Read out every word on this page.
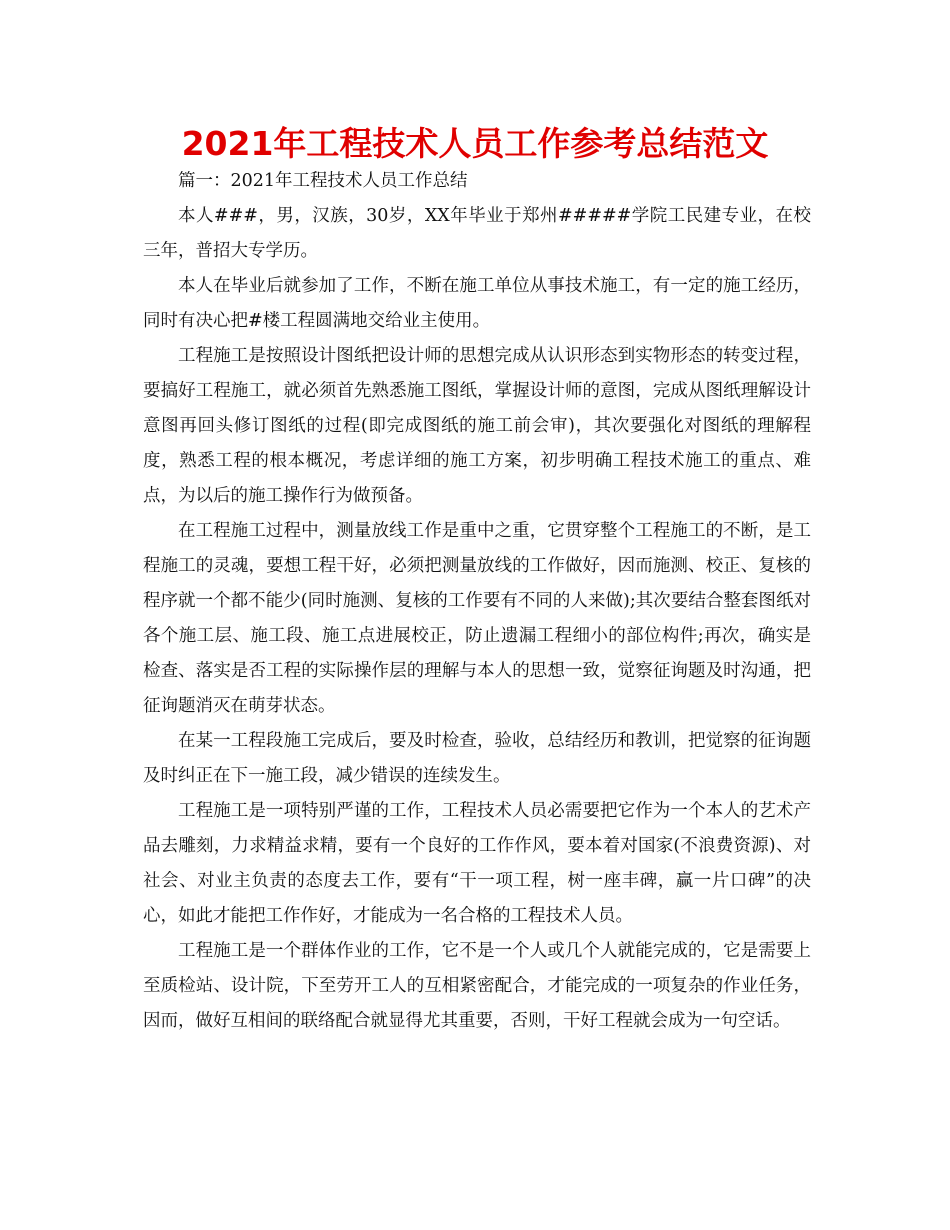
2021年工程技术人员工作参考总结范文

篇一：2021年工程技术人员工作总结

本人###，男，汉族，30岁，XX年毕业于郑州#####学院工民建专业，在校三年，普招大专学历。

本人在毕业后就参加了工作，不断在施工单位从事技术施工，有一定的施工经历，同时有决心把#楼工程圆满地交给业主使用。

工程施工是按照设计图纸把设计师的思想完成从认识形态到实物形态的转变过程，要搞好工程施工，就必须首先熟悉施工图纸，掌握设计师的意图，完成从图纸理解设计意图再回头修订图纸的过程(即完成图纸的施工前会审)，其次要强化对图纸的理解程度，熟悉工程的根本概况，考虑详细的施工方案，初步明确工程技术施工的重点、难点，为以后的施工操作行为做预备。

在工程施工过程中，测量放线工作是重中之重，它贯穿整个工程施工的不断，是工程施工的灵魂，要想工程干好，必须把测量放线的工作做好，因而施测、校正、复核的程序就一个都不能少(同时施测、复核的工作要有不同的人来做);其次要结合整套图纸对各个施工层、施工段、施工点进展校正，防止遗漏工程细小的部位构件;再次，确实是检查、落实是否工程的实际操作层的理解与本人的思想一致，觉察征询题及时沟通，把征询题消灭在萌芽状态。

在某一工程段施工完成后，要及时检查，验收，总结经历和教训，把觉察的征询题及时纠正在下一施工段，减少错误的连续发生。

工程施工是一项特别严谨的工作，工程技术人员必需要把它作为一个本人的艺术产品去雕刻，力求精益求精，要有一个良好的工作作风，要本着对国家(不浪费资源)、对社会、对业主负责的态度去工作，要有“干一项工程，树一座丰碑，赢一片口碑”的决心，如此才能把工作作好，才能成为一名合格的工程技术人员。

工程施工是一个群体作业的工作，它不是一个人或几个人就能完成的，它是需要上至质检站、设计院，下至劳开工人的互相紧密配合，才能完成的一项复杂的作业任务，因而，做好互相间的联络配合就显得尤其重要，否则，干好工程就会成为一句空话。
